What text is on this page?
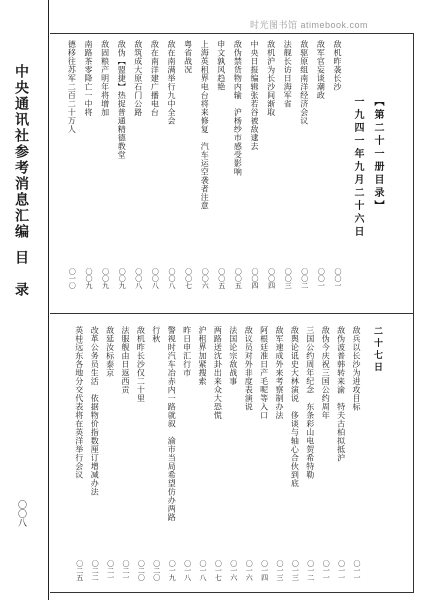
时光图书馆 atimebook.com
中央通讯社参考消息汇编
目录
〇〇八
【第二十一册目录】
一九四一年九月二十六日
二十七日
敌机昨袭长沙
〇〇一
敌军官妄谈潮政
〇〇一
敌驱原组南洋经济会议
〇〇二
法舰长访日海军省
〇〇三
敌机沪为长沙间渐取
〇〇四
中央日报编辑张若谷被敌逮去
〇〇四
敌伪禁货物内输　沪杨纱市感受影响
〇〇五
申文孰风趋艳
〇〇五
上海英租界电台将来修复　汽车运空袭者注意
〇〇六
粤省战况
〇〇七
敌在南满举行九中全会
〇〇八
敌在南洋建广播电台
〇〇八
敌筑成大原石门公路
〇〇八
敌伪【盟捷】热捉普通精德教堂
〇〇九
敌固粮产明年将增加
〇〇九
南路茶零降亡一中将
〇〇九
德移往苏军二百二十万人
〇一〇
敌兵以长沙为进攻目标
〇一一
敌伪波普韩转来渝　特夫古柏拟抵沪
〇一一
敌伪今庆祝三国公约周年
〇一一
三国公约周年纪念　东条彩山电贺希特勒
〇一二
敌舆论诋史大林演说　侈谈与轴心合伙到底
〇一三
敌军速成外来考察制办法
〇一三
阿根廷准日产毛呢等入口
〇一四
敌议员对外非度表演说
〇一六
法国论宗敌战事
〇一六
两路送沈卦出来众大恐慌
〇一七
沪租界加紧搜索
〇一八
昨日申汇行市
〇一八
警视时汽车冶赤内一路就叙　渝市当局希望仿办两路
〇一九
行秋
〇二〇
敌机昨长沙仅二十里
〇二〇
法服舰由日返西贡
〇二一
敌延汝标泰京
〇二一
改革公务员生活　依据物价指数厘订增减办法
〇二二
英桂远东各地分交代表将在英洋举行会议
〇二五
